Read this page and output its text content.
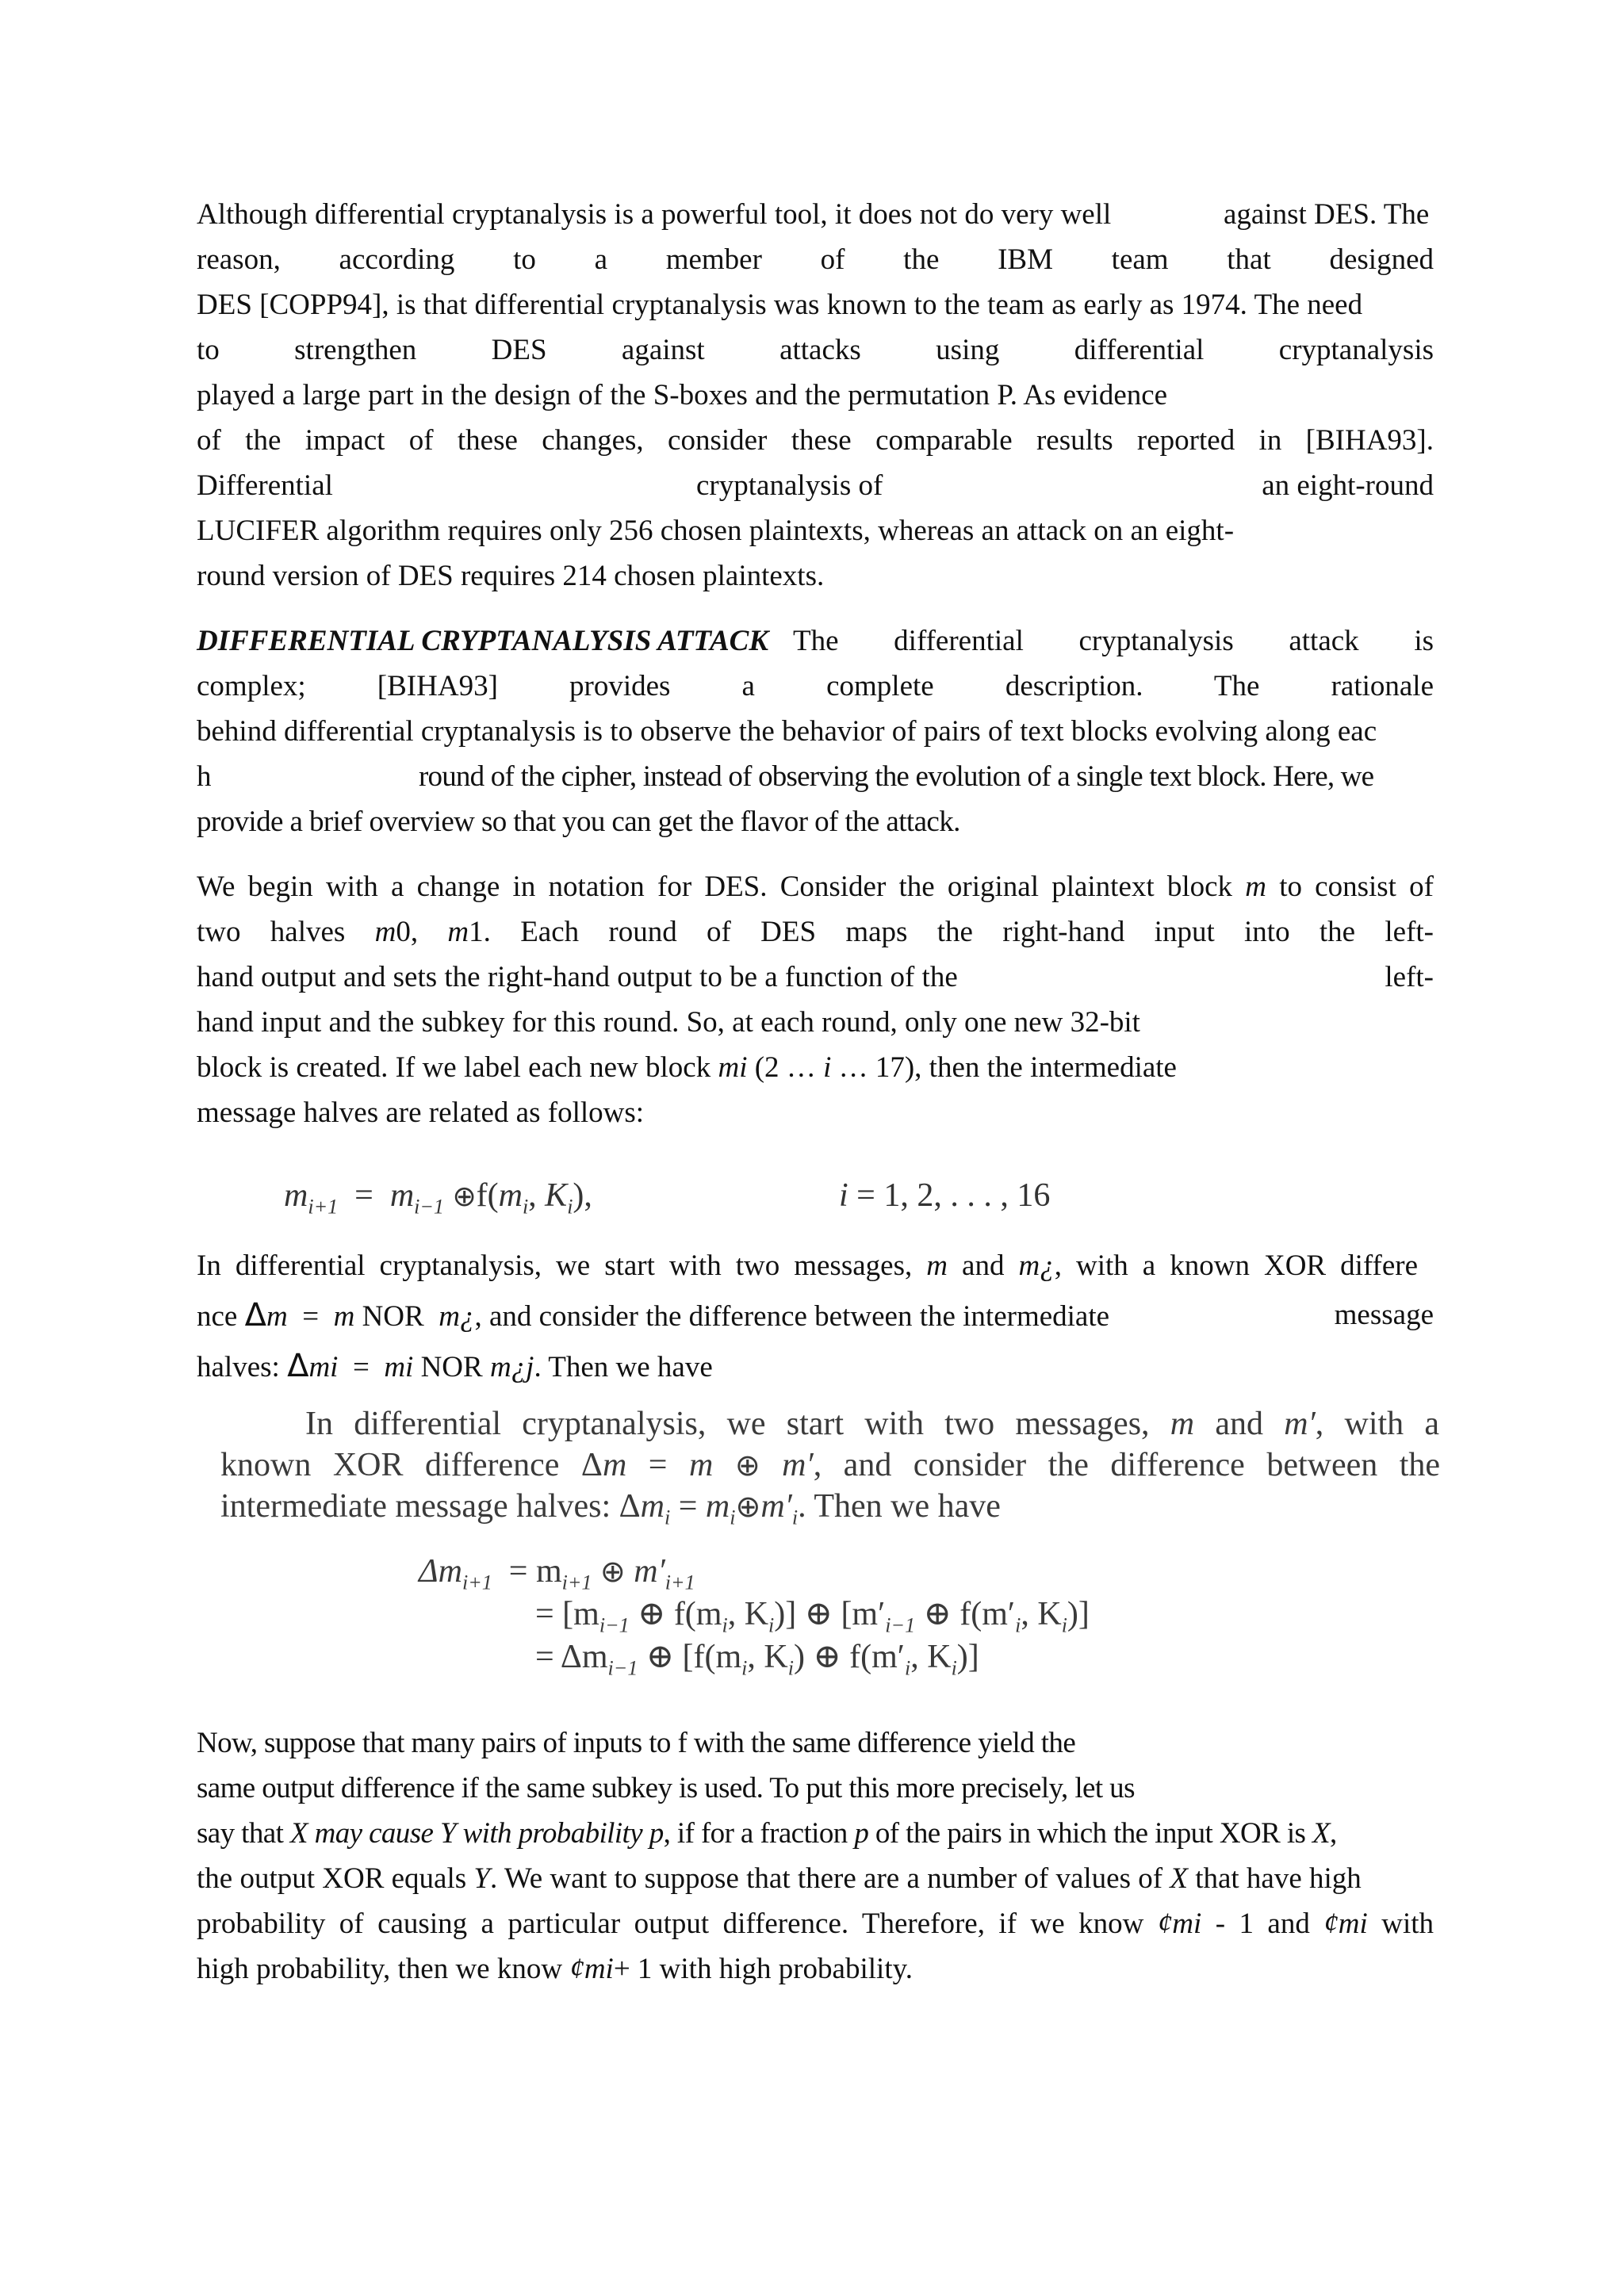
Although differential cryptanalysis is a powerful tool, it does not do very well	against DES. The
reason, according to a member of the IBM team that designed
DES [COPP94], is that differential cryptanalysis was known to the team as early as 1974. The need
to strengthen DES against attacks using differential cryptanalysis
played a large part in the design of the S-boxes and the permutation P. As evidence
of the impact of these changes, consider these comparable results reported in [BIHA93].
Differential	cryptanalysis of	an eight-round
LUCIFER algorithm requires only 256 chosen plaintexts, whereas an attack on an eight-
round version of DES requires 214 chosen plaintexts.
DIFFERENTIAL CRYPTANALYSIS ATTACK The differential cryptanalysis attack is
complex; [BIHA93] provides a complete description. The rationale
behind differential cryptanalysis is to observe the behavior of pairs of text blocks evolving along eac
h	round of the cipher, instead of observing the evolution of a single text block. Here, we
provide a brief overview so that you can get the flavor of the attack.
We begin with a change in notation for DES. Consider the original plaintext block m to consist of
two halves m0, m1. Each round of DES maps the right-hand input into the left-
hand output and sets the right-hand output to be a function of the	left-
hand input and the subkey for this round. So, at each round, only one new 32-bit
block is created. If we label each new block mi (2 … i … 17), then the intermediate
message halves are related as follows:
$m_{i+1} = m_{i-1}$ $\oplus f(m_i$, $K_i$),	i = 1, 2, . . . , 16
In differential cryptanalysis, we start with two messages, m and m¿, with a known XOR differe
nce Δm = m NOR m¿, and consider the difference between the intermediate	message
halves: Δmi = mi NOR m¿j. Then we have
In differential cryptanalysis, we start with two messages, m and m′, with a
known XOR difference Δm = m ⊕ m′, and consider the difference between the
intermediate message halves: $\Delta m_i$ = $m_i\oplus m'_i$. Then we have
$\Delta m_{i+1} = m_{i+1}$ ⊕ $m'_{i+1}$
= [$m_{i-1}$ ⊕ $f(m_i$, $K_i$)] ⊕ [$m'_{i-1}$ ⊕ $f(m'_i$, $K_i$)]
= $\Delta m_{i-1}$ ⊕ [$f(m_i$, $K_i$) ⊕ $f(m'_i$, $K_i$)]
Now, suppose that many pairs of inputs to f with the same difference yield the
same output difference if the same subkey is used. To put this more precisely, let us
say that X may cause Y with probability p, if for a fraction p of the pairs in which the input XOR is X,
the output XOR equals Y. We want to suppose that there are a number of values of X that have high
probability of causing a particular output difference. Therefore, if we know ¢mi - 1 and ¢mi with
high probability, then we know ¢mi+ 1 with high probability.
